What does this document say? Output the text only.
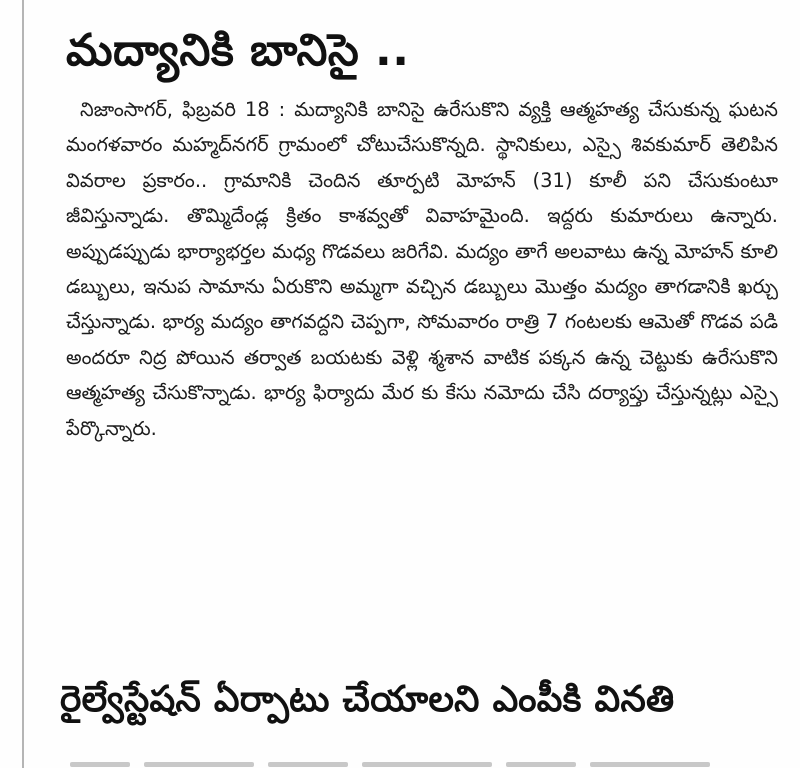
మద్యానికి బానిసై ..

నిజాంసాగర్, ఫిబ్రవరి 18 : మద్యానికి బానిసై ఉరేసుకొని వ్యక్తి ఆత్మహత్య చేసుకున్న ఘటన మంగళవారం మహ్మద్‌నగర్ గ్రామంలో చోటుచేసుకొన్నది. స్థానికులు, ఎస్సై శివకుమార్ తెలిపిన వివరాల ప్రకారం.. గ్రామానికి చెందిన తూర్పటి మోహన్ (31) కూలీ పని చేసుకుంటూ జీవిస్తున్నాడు. తొమ్మిదేండ్ల క్రితం కాశవ్వతో వివాహమైంది. ఇద్దరు కుమారులు ఉన్నారు. అప్పుడప్పుడు భార్యాభర్తల మధ్య గొడవలు జరిగేవి. మద్యం తాగే అలవాటు ఉన్న మోహన్ కూలి డబ్బులు, ఇనుప సామాను ఏరుకొని అమ్మగా వచ్చిన డబ్బులు మొత్తం మద్యం తాగడానికి ఖర్చు చేస్తున్నాడు. భార్య మద్యం తాగవద్దని చెప్పగా, సోమవారం రాత్రి 7 గంటలకు ఆమెతో గొడవ పడి అందరూ నిద్ర పోయిన తర్వాత బయటకు వెళ్లి శ్మశాన వాటిక పక్కన ఉన్న చెట్టుకు ఉరేసుకొని ఆత్మహత్య చేసుకొన్నాడు. భార్య ఫిర్యాదు మేర కు కేసు నమోదు చేసి దర్యాప్తు చేస్తున్నట్లు ఎస్సై పేర్కొన్నారు.

రైల్వేస్టేషన్ ఏర్పాటు చేయాలని ఎంపీకి వినతి
